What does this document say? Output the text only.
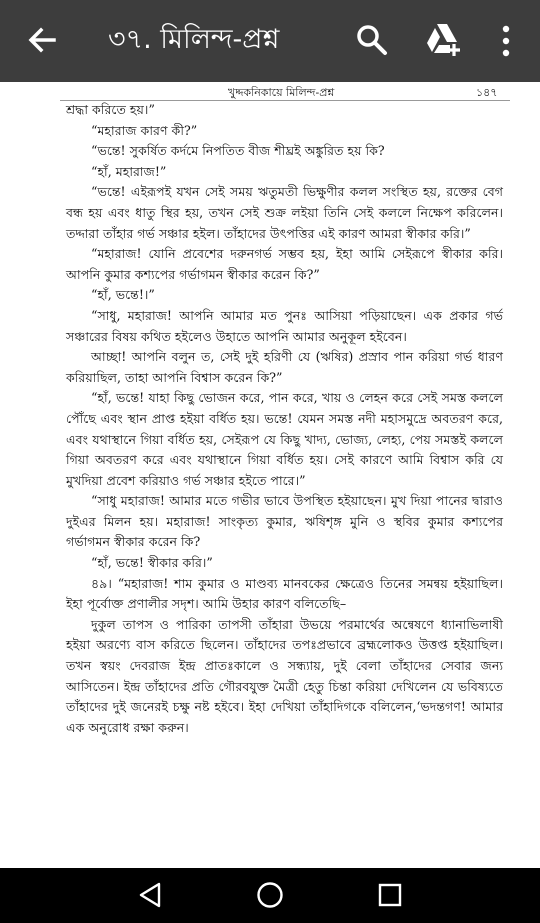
৩৭. মিলিন্দ-প্রশ্ন
খুদ্দকনিকায়ে মিলিন্দ-প্রশ্ন	১৪৭

শ্রদ্ধা করিতে হয়।”

“মহারাজ কারণ কী?”

“ভন্তে! সুকর্ষিত কর্দমে নিপতিত বীজ শীঘ্রই অঙ্কুরিত হয় কি?

“হাঁ, মহারাজ!”

“ভন্তে! এইরূপই যখন সেই সময় ঋতুমতী ভিক্ষুণীর কলল সংস্থিত হয়, রক্তের বেগ বন্ধ হয় এবং ধাতু স্থির হয়, তখন সেই শুক্র লইয়া তিনি সেই কললে নিক্ষেপ করিলেন। তদ্দারা তাঁহার গর্ভ সঞ্চার হইল। তাঁহাদের উৎপত্তির এই কারণ আমরা স্বীকার করি।”

“মহারাজ! যোনি প্রবেশের দরুনগর্ভ সম্ভব হয়, ইহা আমি সেইরূপে স্বীকার করি। আপনি কুমার কশ্যপের গর্ভাগমন স্বীকার করেন কি?”

“হাঁ, ভন্তে!।”

“সাধু, মহারাজ! আপনি আমার মত পুনঃ আসিয়া পড়িয়াছেন। এক প্রকার গর্ভ সঞ্চারের বিষয় কথিত হইলেও উহাতে আপনি আমার অনুকূল হইবেন।

আচ্ছা! আপনি বলুন ত, সেই দুই হরিণী যে (ঋষির) প্রস্রাব পান করিয়া গর্ভ ধারণ করিয়াছিল, তাহা আপনি বিশ্বাস করেন কি?”

“হাঁ, ভন্তে! যাহা কিছু ভোজন করে, পান করে, খায় ও লেহন করে সেই সমস্ত কললে পৌঁছে এবং স্থান প্রাপ্ত হইয়া বর্ধিত হয়। ভন্তে! যেমন সমস্ত নদী মহাসমুদ্রে অবতরণ করে, এবং যথাস্থানে গিয়া বর্ধিত হয়, সেইরূপ যে কিছু খাদ্য, ভোজ্য, লেহ্য, পেয় সমস্তই কললে গিয়া অবতরণ করে এবং যথাস্থানে গিয়া বর্ধিত হয়। সেই কারণে আমি বিশ্বাস করি যে মুখদিয়া প্রবেশ করিয়াও গর্ভ সঞ্চার হইতে পারে।”

“সাধু মহারাজ! আমার মতে গভীর ভাবে উপস্থিত হইয়াছেন। মুখ দিয়া পানের দ্বারাও দুইএর মিলন হয়। মহারাজ! সাংকৃত্য কুমার, ঋষিশৃঙ্গ মুনি ও স্থবির কুমার কশ্যপের গর্ভাগমন স্বীকার করেন কি?

“হাঁ, ভন্তে! স্বীকার করি।”

৪৯। “মহারাজ! শাম কুমার ও মাণ্ডব্য মানবকের ক্ষেত্রেও তিনের সমন্বয় হইয়াছিল। ইহা পূর্বোক্ত প্রণালীর সদৃশ। আমি উহার কারণ বলিতেছি–

দুকুল তাপস ও পারিকা তাপসী তাঁহারা উভয়ে পরমার্থের অন্বেষণে ধ্যানাভিলাষী হইয়া অরণ্যে বাস করিতে ছিলেন। তাঁহাদের তপঃপ্রভাবে ব্রহ্মলোকও উত্তপ্ত হইয়াছিল। তখন স্বয়ং দেবরাজ ইন্দ্র প্রাতঃকালে ও সন্ধ্যায়, দুই বেলা তাঁহাদের সেবার জন্য আসিতেন। ইন্দ্র তাঁহাদের প্রতি গৌরবযুক্ত মৈত্রী হেতু চিন্তা করিয়া দেখিলেন যে ভবিষ্যতে তাঁহাদের দুই জনেরই চক্ষু নষ্ট হইবে। ইহা দেখিয়া তাঁহাদিগকে বলিলেন,‘ভদন্তগণ! আমার এক অনুরোধ রক্ষা করুন।
